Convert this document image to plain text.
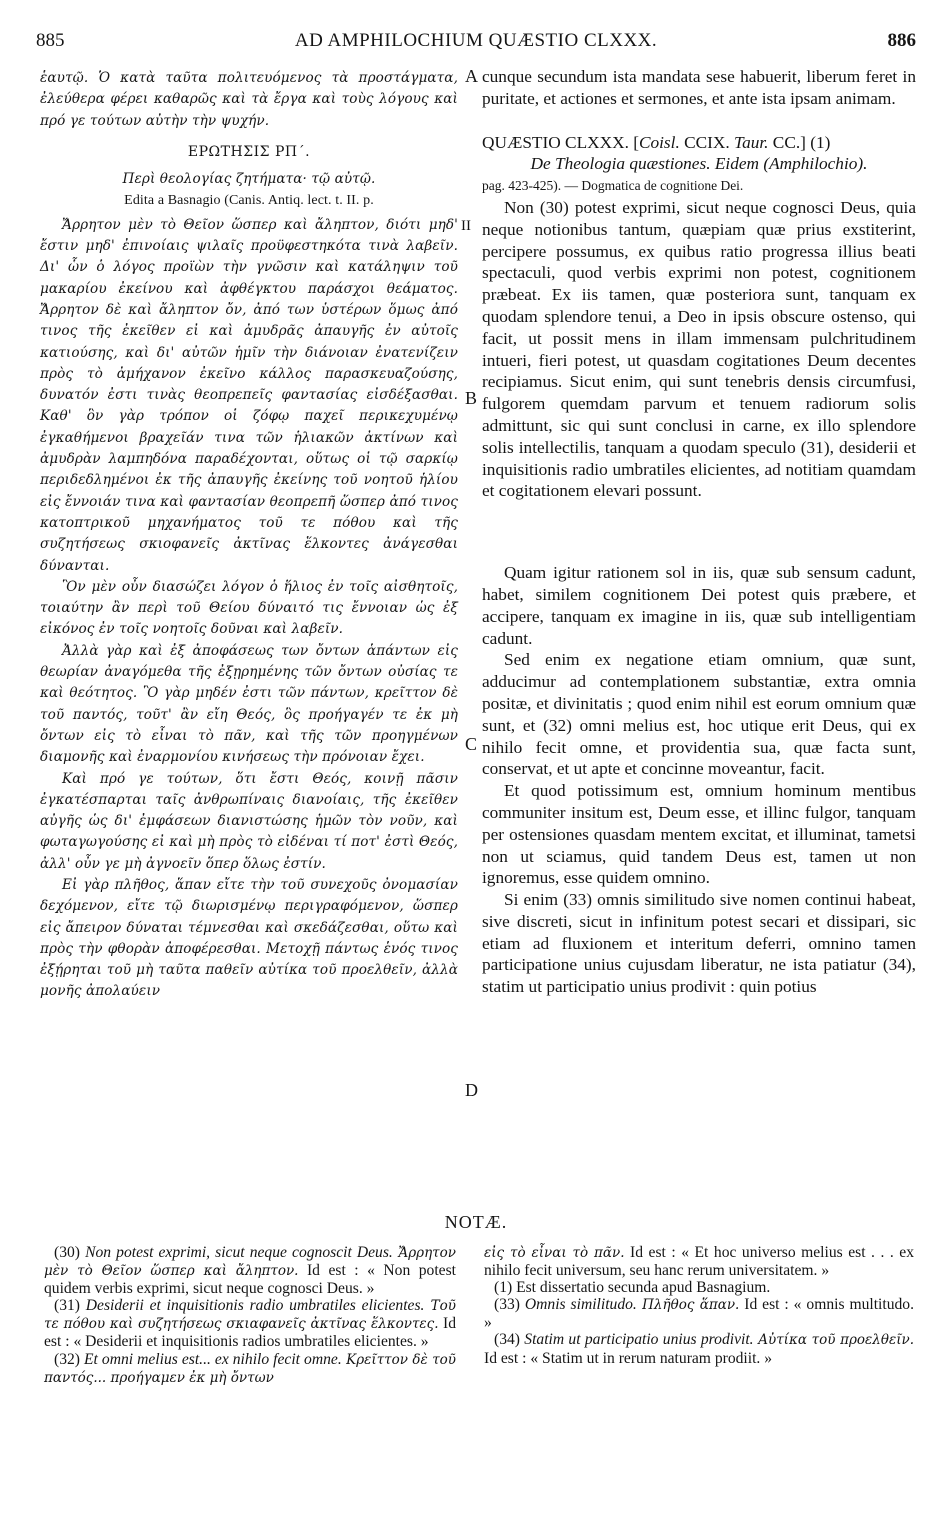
885	AD AMPHILOCHIUM QUÆSTIO CLXXX.	886

ἑαυτῷ. Ὁ κατὰ ταῦτα πολιτευόμενος τὰ προστάγματα, ἐλεύθερα φέρει καθαρῶς καὶ τὰ ἔργα καὶ τοὺς λόγους καὶ πρό γε τούτων αὐτὴν τὴν ψυχήν.

ΕΡΩΤΗΣΙΣ ΡΠ΄.
Περὶ θεολογίας ζητήματα· τῷ αὐτῷ.
Edita a Basnagio (Canis. Antiq. lect. t. II. p.

Ἄρρητον μὲν τὸ Θεῖον ὥσπερ καὶ ἄληπτον, διότι μηδ' ἔστιν μηδ' ἐπινοίαις ψιλαῖς προϋφεστηκότα τινὰ λαβεῖν. Δι' ὧν ὁ λόγος προϊὼν τὴν γνῶσιν καὶ κατάληψιν τοῦ μακαρίου ἐκείνου καὶ ἀφθέγκτου παράσχοι θεάματος. Ἄρρητον δὲ καὶ ἄληπτον ὄν, ἀπό των ὑστέρων ὅμως ἀπό τινος τῆς ἐκεῖθεν εἰ καὶ ἀμυδρᾶς ἀπαυγῆς ἐν αὐτοῖς κατιούσης, καὶ δι' αὐτῶν ἡμῖν τὴν διάνοιαν ἐνατενίζειν πρὸς τὸ ἀμήχανον ἐκεῖνο κάλλος παρασκευαζούσης, δυνατόν ἐστι τινὰς θεοπρεπεῖς φαντασίας εἰσδέξασθαι. Καθ' ὃν γὰρ τρόπον οἱ ζόφῳ παχεῖ περικεχυμένῳ ἐγκαθήμενοι βραχεῖάν τινα τῶν ἡλιακῶν ἀκτίνων καὶ ἀμυδρὰν λαμπηδόνα παραδέχονται, οὕτως οἱ τῷ σαρκίῳ περιδεδλημένοι ἐκ τῆς ἀπαυγῆς ἐκείνης τοῦ νοητοῦ ἡλίου εἰς ἔννοιάν τινα καὶ φαντασίαν θεοπρεπῆ ὥσπερ ἀπό τινος κατοπτρικοῦ μηχανήματος τοῦ τε πόθου καὶ τῆς συζητήσεως σκιοφανεῖς ἀκτῖνας ἕλκοντες ἀνάγεσθαι δύνανται.

Ὃν μὲν οὖν διασώζει λόγον ὁ ἥλιος ἐν τοῖς αἰσθητοῖς, τοιαύτην ἂν περὶ τοῦ Θείου δύναιτό τις ἔννοιαν ὡς ἐξ εἰκόνος ἐν τοῖς νοητοῖς δοῦναι καὶ λαβεῖν.

Ἀλλὰ γὰρ καὶ ἐξ ἀποφάσεως των ὄντων ἁπάντων εἰς θεωρίαν ἀναγόμεθα τῆς ἐξῃρημένης τῶν ὄντων οὐσίας τε καὶ θεότητος. Ὃ γὰρ μηδέν ἐστι τῶν πάντων, κρεῖττον δὲ τοῦ παντός, τοῦτ' ἂν εἴη Θεός, ὃς προήγαγέν τε ἐκ μὴ ὄντων εἰς τὸ εἶναι τὸ πᾶν, καὶ τῆς τῶν προηγμένων διαμονῆς καὶ ἐναρμονίου κινήσεως τὴν πρόνοιαν ἔχει.

Καὶ πρό γε τούτων, ὅτι ἔστι Θεός, κοινῇ πᾶσιν ἐγκατέσπαρται ταῖς ἀνθρωπίναις διανοίαις, τῆς ἐκεῖθεν αὐγῆς ὡς δι' ἐμφάσεων διανιστώσης ἡμῶν τὸν νοῦν, καὶ φωταγωγούσης εἰ καὶ μὴ πρὸς τὸ εἰδέναι τί ποτ' ἐστὶ Θεός, ἀλλ' οὖν γε μὴ ἀγνοεῖν ὅπερ ὅλως ἐστίν.

Εἰ γὰρ πλῆθος, ἅπαν εἴτε τὴν τοῦ συνεχοῦς ὀνομασίαν δεχόμενον, εἴτε τῷ διωρισμένῳ περιγραφόμενον, ὥσπερ εἰς ἄπειρον δύναται τέμνεσθαι καὶ σκεδάζεσθαι, οὕτω καὶ πρὸς τὴν φθορὰν ἀποφέρεσθαι. Μετοχῇ πάντως ἑνός τινος ἐξῄρηται τοῦ μὴ ταῦτα παθεῖν αὐτίκα τοῦ προελθεῖν, ἀλλὰ μονῆς ἀπολαύειν

A
II
B
C
D

cunque secundum ista mandata sese habuerit, liberum feret in puritate, et actiones et sermones, et ante ista ipsam animam.

QUÆSTIO CLXXX. [Coisl. CCIX. Taur. CC.] (1)
De Theologia quæstiones. Eidem (Amphilochio).
pag. 423-425). — Dogmatica de cognitione Dei.

Non (30) potest exprimi, sicut neque cognosci Deus, quia neque notionibus tantum, quæpiam quæ prius exstiterint, percipere possumus, ex quibus ratio progressa illius beati spectaculi, quod verbis exprimi non potest, cognitionem præbeat. Ex iis tamen, quæ posteriora sunt, tanquam ex quodam splendore tenui, a Deo in ipsis obscure ostenso, qui facit, ut possit mens in illam immensam pulchritudinem intueri, fieri potest, ut quasdam cogitationes Deum decentes recipiamus. Sicut enim, qui sunt tenebris densis circumfusi, fulgorem quemdam parvum et tenuem radiorum solis admittunt, sic qui sunt conclusi in carne, ex illo splendore solis intellectilis, tanquam a quodam speculo (31), desiderii et inquisitionis radio umbratiles elicientes, ad notitiam quamdam et cogitationem elevari possunt.

Quam igitur rationem sol in iis, quæ sub sensum cadunt, habet, similem cognitionem Dei potest quis præbere, et accipere, tanquam ex imagine in iis, quæ sub intelligentiam cadunt.

Sed enim ex negatione etiam omnium, quæ sunt, adducimur ad contemplationem substantiæ, extra omnia positæ, et divinitatis ; quod enim nihil est eorum omnium quæ sunt, et (32) omni melius est, hoc utique erit Deus, qui ex nihilo fecit omne, et providentia sua, quæ facta sunt, conservat, et ut apte et concinne moveantur, facit.

Et quod potissimum est, omnium hominum mentibus communiter insitum est, Deum esse, et illinc fulgor, tanquam per ostensiones quasdam mentem excitat, et illuminat, tametsi non ut sciamus, quid tandem Deus est, tamen ut non ignoremus, esse quidem omnino.

Si enim (33) omnis similitudo sive nomen continui habeat, sive discreti, sicut in infinitum potest secari et dissipari, sic etiam ad fluxionem et interitum deferri, omnino tamen participatione unius cujusdam liberatur, ne ista patiatur (34), statim ut participatio unius prodivit : quin potius

NOTÆ.

(30) Non potest exprimi, sicut neque cognoscit Deus. Ἄρρητον μὲν τὸ Θεῖον ὥσπερ καὶ ἄληπτον. Id est : « Non potest quidem verbis exprimi, sicut neque cognosci Deus. »

(31) Desiderii et inquisitionis radio umbratiles elicientes. Τοῦ τε πόθου καὶ συζητήσεως σκιαφανεῖς ἀκτῖνας ἕλκοντες. Id est : « Desiderii et inquisitionis radios umbratiles elicientes. »

(32) Et omni melius est... ex nihilo fecit omne. Κρεῖττον δὲ τοῦ παντός... προήγαμεν ἐκ μὴ ὄντων

εἰς τὸ εἶναι τὸ πᾶν. Id est : « Et hoc universo melius est . . . ex nihilo fecit universum, seu hanc rerum universitatem. »

(1) Est dissertatio secunda apud Basnagium.

(33) Omnis similitudo. Πλῆθος ἅπαν. Id est : « omnis multitudo. »

(34) Statim ut participatio unius prodivit. Αὐτίκα τοῦ προελθεῖν. Id est : « Statim ut in rerum naturam prodiit. »
